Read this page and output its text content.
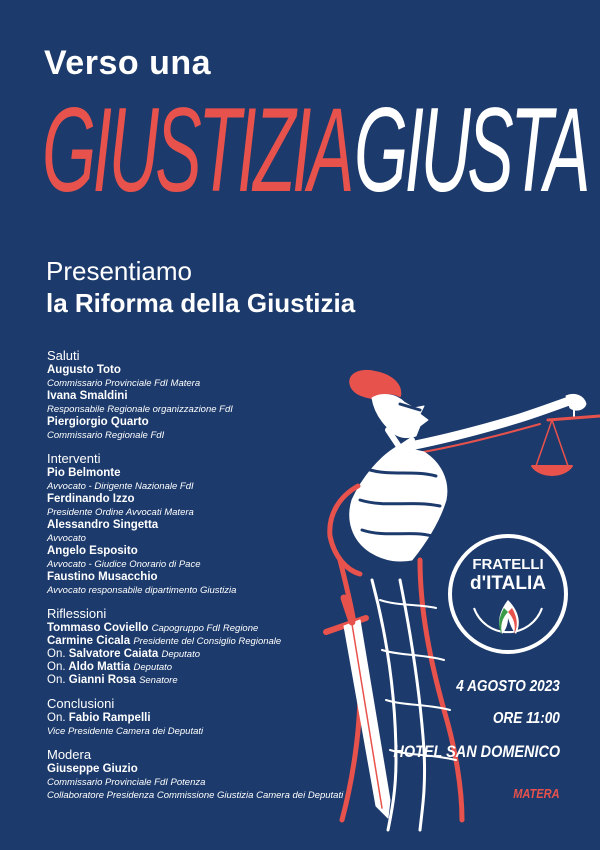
Verso una
GIUSTIZIA GIUSTA
Presentiamo
la Riforma della Giustizia
Saluti
Augusto Toto
Commissario Provinciale FdI Matera
Ivana Smaldini
Responsabile Regionale organizzazione FdI
Piergiorgio Quarto
Commissario Regionale FdI
Interventi
Pio Belmonte
Avvocato - Dirigente Nazionale FdI
Ferdinando Izzo
Presidente Ordine Avvocati Matera
Alessandro Singetta
Avvocato
Angelo Esposito
Avvocato - Giudice Onorario di Pace
Faustino Musacchio
Avvocato responsabile dipartimento Giustizia
Riflessioni
Tommaso Coviello Capogruppo FdI Regione
Carmine Cicala Presidente del Consiglio Regionale
On. Salvatore Caiata Deputato
On. Aldo Mattia Deputato
On. Gianni Rosa Senatore
Conclusioni
On. Fabio Rampelli
Vice Presidente Camera dei Deputati
Modera
Giuseppe Giuzio
Commissario Provinciale FdI Potenza
Collaboratore Presidenza Commissione Giustizia Camera dei Deputati
FRATELLI
d'ITALIA
4 AGOSTO 2023
ORE 11:00
HOTEL SAN DOMENICO
MATERA
